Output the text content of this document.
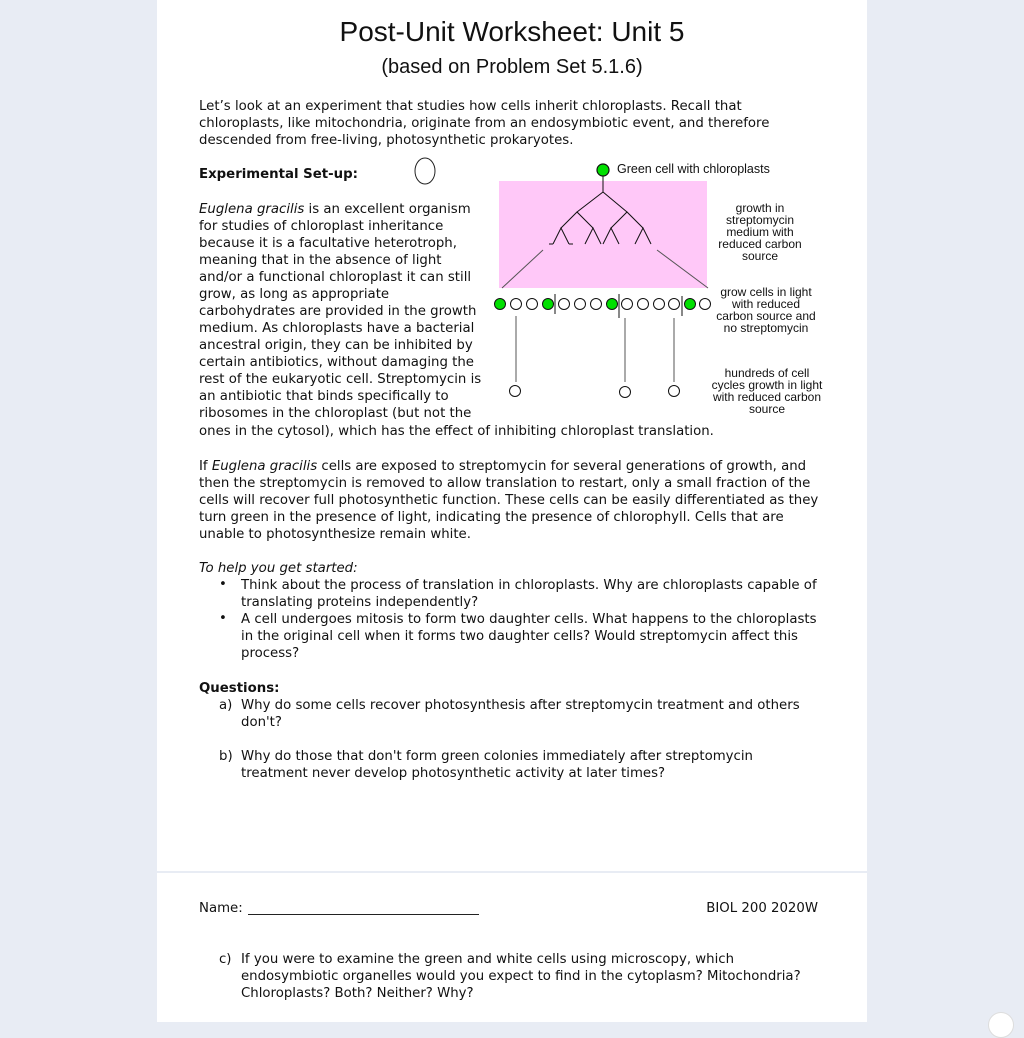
Post-Unit Worksheet: Unit 5
(based on Problem Set 5.1.6)
Let’s look at an experiment that studies how cells inherit chloroplasts. Recall that
chloroplasts, like mitochondria, originate from an endosymbiotic event, and therefore
descended from free-living, photosynthetic prokaryotes.
Experimental Set-up:
Euglena gracilis is an excellent organism
for studies of chloroplast inheritance
because it is a facultative heterotroph,
meaning that in the absence of light
and/or a functional chloroplast it can still
grow, as long as appropriate
carbohydrates are provided in the growth
medium. As chloroplasts have a bacterial
ancestral origin, they can be inhibited by
certain antibiotics, without damaging the
rest of the eukaryotic cell. Streptomycin is
an antibiotic that binds specifically to
ribosomes in the chloroplast (but not the
ones in the cytosol), which has the effect of inhibiting chloroplast translation.
Green cell with chloroplasts
growth in
streptomycin
medium with
reduced carbon
source
grow cells in light
with reduced
carbon source and
no streptomycin
hundreds of cell
cycles growth in light
with reduced carbon
source
If Euglena gracilis cells are exposed to streptomycin for several generations of growth, and
then the streptomycin is removed to allow translation to restart, only a small fraction of the
cells will recover full photosynthetic function. These cells can be easily differentiated as they
turn green in the presence of light, indicating the presence of chlorophyll. Cells that are
unable to photosynthesize remain white.
To help you get started:
• Think about the process of translation in chloroplasts. Why are chloroplasts capable of
translating proteins independently?
• A cell undergoes mitosis to form two daughter cells. What happens to the chloroplasts
in the original cell when it forms two daughter cells? Would streptomycin affect this
process?
Questions:
a) Why do some cells recover photosynthesis after streptomycin treatment and others
don't?
b) Why do those that don't form green colonies immediately after streptomycin
treatment never develop photosynthetic activity at later times?
Name:	BIOL 200 2020W
c) If you were to examine the green and white cells using microscopy, which
endosymbiotic organelles would you expect to find in the cytoplasm? Mitochondria?
Chloroplasts? Both? Neither? Why?
